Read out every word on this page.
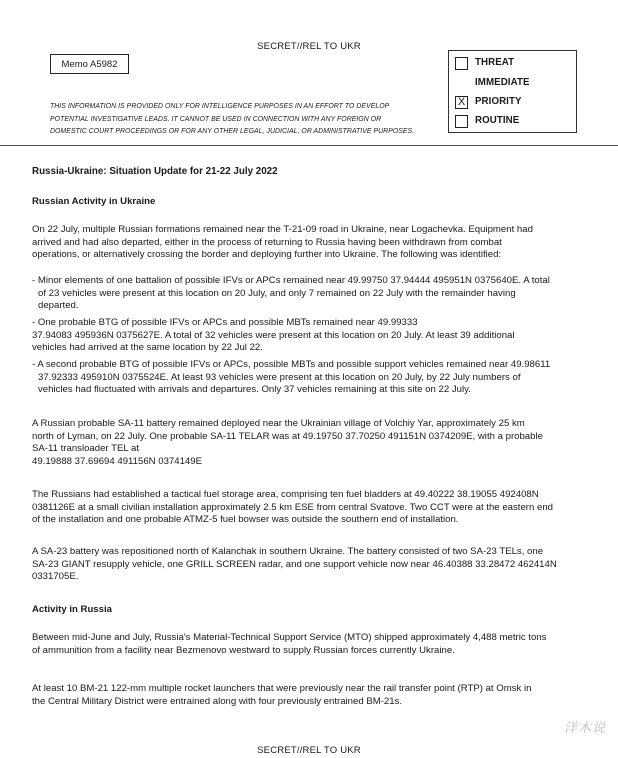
SECRET//REL TO UKR
Memo A5982
THIS INFORMATION IS PROVIDED ONLY FOR INTELLIGENCE PURPOSES IN AN EFFORT TO DEVELOP
POTENTIAL INVESTIGATIVE LEADS. IT CANNOT BE USED IN CONNECTION WITH ANY FOREIGN OR
DOMESTIC COURT PROCEEDINGS OR FOR ANY OTHER LEGAL, JUDICIAL, OR ADMINISTRATIVE PURPOSES.
THREAT
IMMEDIATE
X PRIORITY
ROUTINE
Russia-Ukraine: Situation Update for 21-22 July 2022
Russian Activity in Ukraine
On 22 July, multiple Russian formations remained near the T-21-09 road in Ukraine, near Logachevka. Equipment had
arrived and had also departed, either in the process of returning to Russia having been withdrawn from combat
operations, or alternatively crossing the border and deploying further into Ukraine. The following was identified:
- Minor elements of one battalion of possible IFVs or APCs remained near 49.99750 37.94444 495951N 0375640E. A total
of 23 vehicles were present at this location on 20 July, and only 7 remained on 22 July with the remainder having
departed.
- One probable BTG of possible IFVs or APCs and possible MBTs remained near 49.99333
37.94083 495936N 0375627E. A total of 32 vehicles were present at this location on 20 July. At least 39 additional
vehicles had arrived at the same location by 22 Jul 22.
- A second probable BTG of possible IFVs or APCs, possible MBTs and possible support vehicles remained near 49.98611
37.92333 495910N 0375524E. At least 93 vehicles were present at this location on 20 July, by 22 July numbers of
vehicles had fluctuated with arrivals and departures. Only 37 vehicles remaining at this site on 22 July.
A Russian probable SA-11 battery remained deployed near the Ukrainian village of Volchiy Yar, approximately 25 km
north of Lyman, on 22 July. One probable SA-11 TELAR was at 49.19750 37.70250 491151N 0374209E, with a probable
SA-11 transloader TEL at
49.19888 37.69694 491156N 0374149E
The Russians had established a tactical fuel storage area, comprising ten fuel bladders at 49.40222 38.19055 492408N
0381126E at a small civilian installation approximately 2.5 km ESE from central Svatove. Two CCT were at the eastern end
of the installation and one probable ATMZ-5 fuel bowser was outside the southern end of installation.
A SA-23 battery was repositioned north of Kalanchak in southern Ukraine. The battery consisted of two SA-23 TELs, one
SA-23 GIANT resupply vehicle, one GRILL SCREEN radar, and one support vehicle now near 46.40388 33.28472 462414N
0331705E.
Activity in Russia
Between mid-June and July, Russia's Material-Technical Support Service (MTO) shipped approximately 4,488 metric tons
of ammunition from a facility near Bezmenovo westward to supply Russian forces currently Ukraine.
At least 10 BM-21 122-mm multiple rocket launchers that were previously near the rail transfer point (RTP) at Omsk in
the Central Military District were entrained along with four previously entrained BM-21s.
SECRET//REL TO UKR
洋木说
